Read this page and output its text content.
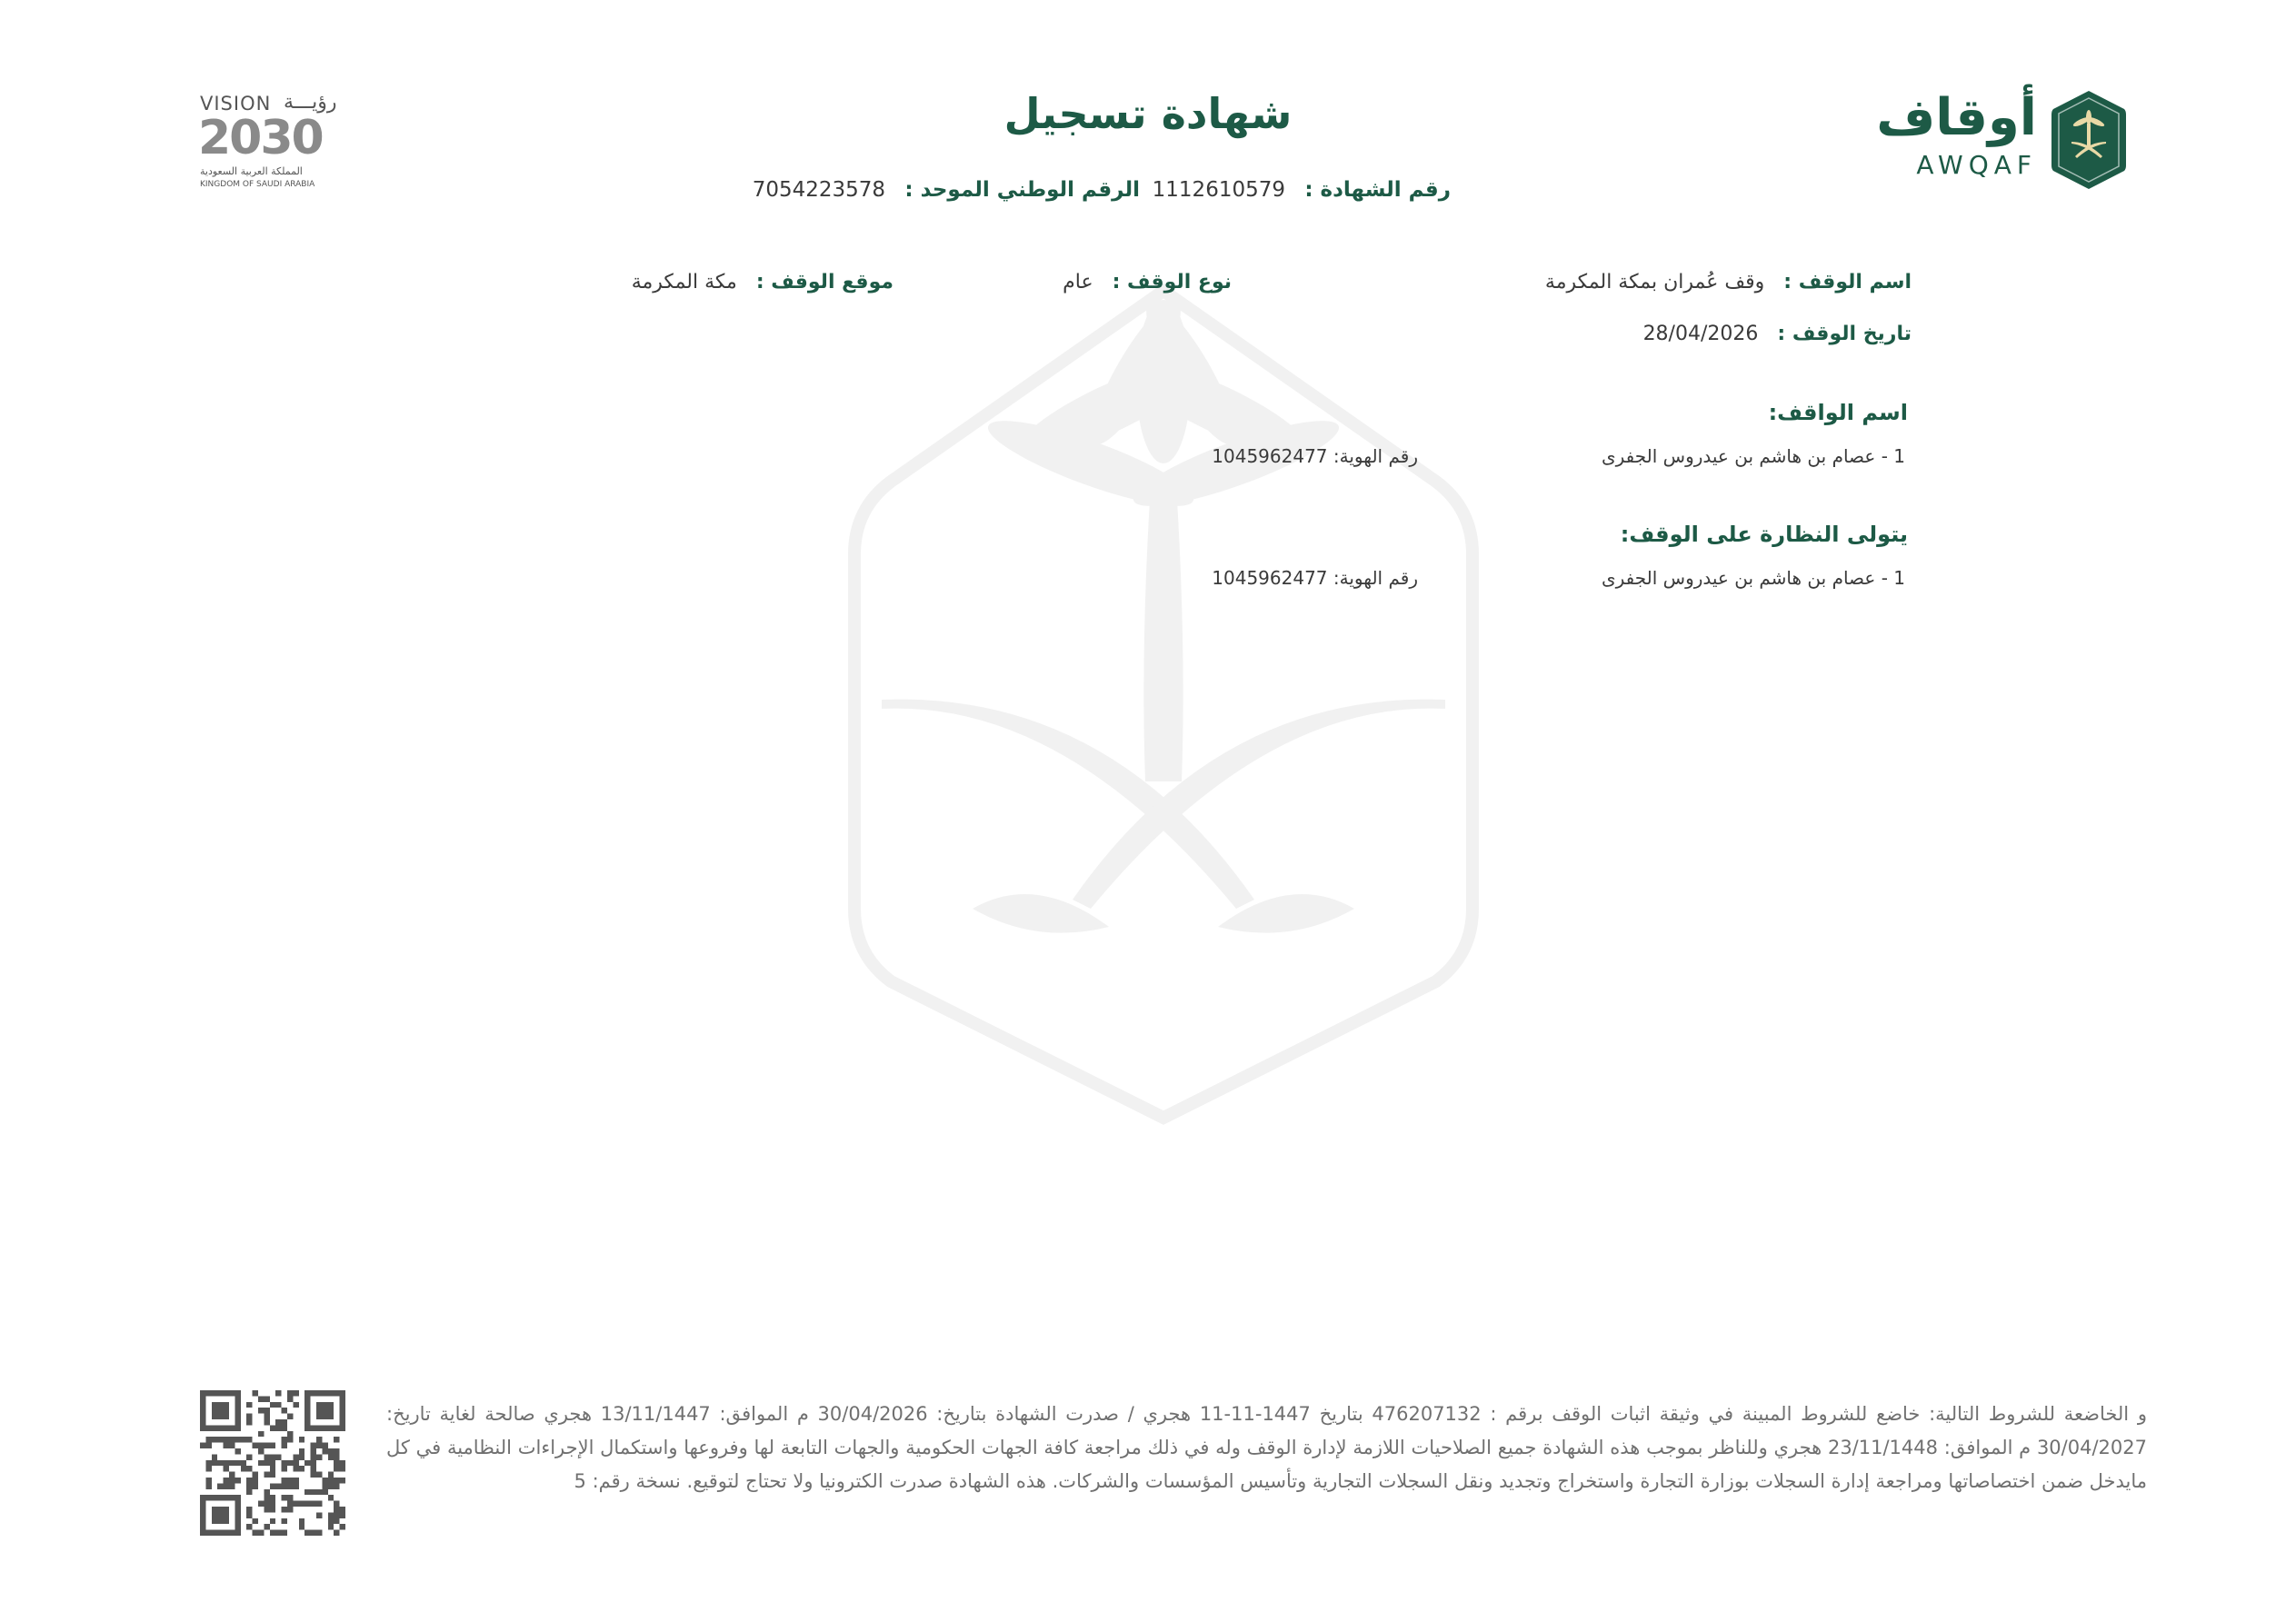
أوقاف
AWQAF
VISION رؤيـــة
2030
المملكة العربية السعودية
KINGDOM OF SAUDI ARABIA
شهادة تسجيل
رقم الشهادة : 1112610579
الرقم الوطني الموحد : 7054223578
اسم الوقف : وقف عُمران بمكة المكرمة
نوع الوقف : عام
موقع الوقف : مكة المكرمة
تاريخ الوقف : 28/04/2026
اسم الواقف:
1 - عصام بن هاشم بن عيدروس الجفرى
رقم الهوية: 1045962477
يتولى النظارة على الوقف:
1 - عصام بن هاشم بن عيدروس الجفرى
رقم الهوية: 1045962477
و الخاضعة للشروط التالية: خاضع للشروط المبينة في وثيقة اثبات الوقف برقم : 476207132 بتاريخ 1447-11-11 هجري / صدرت الشهادة بتاريخ: 30/04/2026 م الموافق: 13/11/1447 هجري صالحة لغاية تاريخ: 30/04/2027 م الموافق: 23/11/1448 هجري وللناظر بموجب هذه الشهادة جميع الصلاحيات اللازمة لإدارة الوقف وله في ذلك مراجعة كافة الجهات الحكومية والجهات التابعة لها وفروعها واستكمال الإجراءات النظامية في كل مايدخل ضمن اختصاصاتها ومراجعة إدارة السجلات بوزارة التجارة واستخراج وتجديد ونقل السجلات التجارية وتأسيس المؤسسات والشركات. هذه الشهادة صدرت الكترونيا ولا تحتاج لتوقيع. نسخة رقم: 5
